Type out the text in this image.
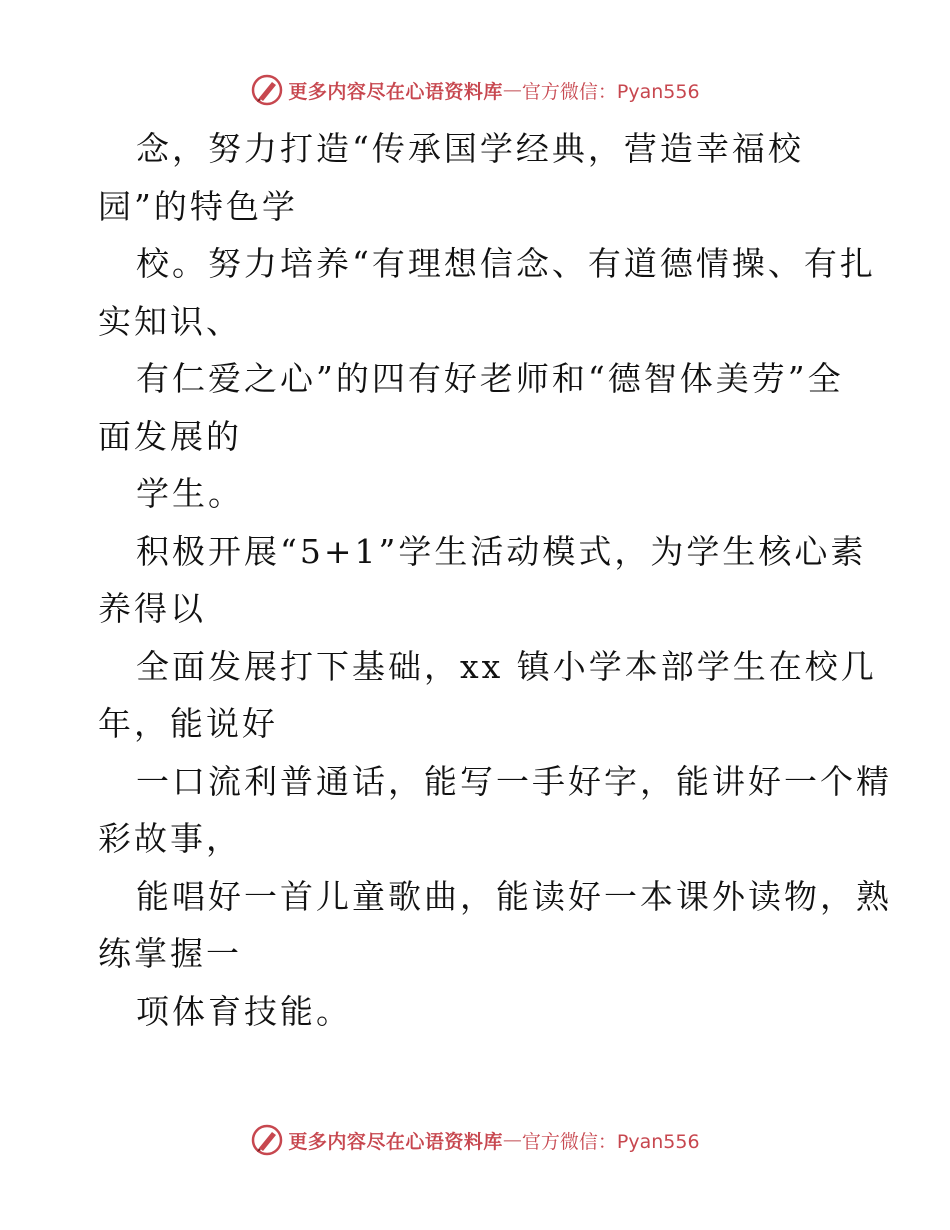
更多内容尽在心语资料库 — 官方微信：Pyan556
念，努力打造“传承国学经典，营造幸福校
园”的特色学
校。努力培养“有理想信念、有道德情操、有扎
实知识、
有仁爱之心”的四有好老师和“德智体美劳”全
面发展的
学生。
积极开展“5+1”学生活动模式，为学生核心素
养得以
全面发展打下基础，xx 镇小学本部学生在校几
年，能说好
一口流利普通话，能写一手好字，能讲好一个精
彩故事，
能唱好一首儿童歌曲，能读好一本课外读物，熟
练掌握一
项体育技能。
更多内容尽在心语资料库 — 官方微信：Pyan556
